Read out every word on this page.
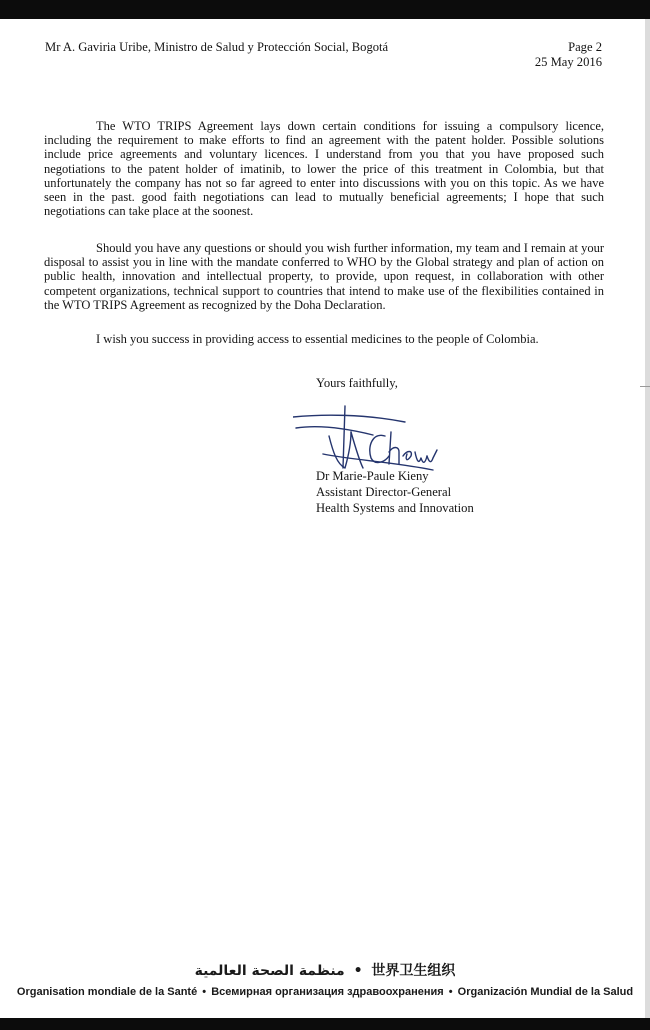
Mr A. Gaviria Uribe, Ministro de Salud y Protección Social, Bogotá	Page 2
25 May 2016
The WTO TRIPS Agreement lays down certain conditions for issuing a compulsory licence, including the requirement to make efforts to find an agreement with the patent holder. Possible solutions include price agreements and voluntary licences. I understand from you that you have proposed such negotiations to the patent holder of imatinib, to lower the price of this treatment in Colombia, but that unfortunately the company has not so far agreed to enter into discussions with you on this topic. As we have seen in the past. good faith negotiations can lead to mutually beneficial agreements; I hope that such negotiations can take place at the soonest.
Should you have any questions or should you wish further information, my team and I remain at your disposal to assist you in line with the mandate conferred to WHO by the Global strategy and plan of action on public health, innovation and intellectual property, to provide, upon request, in collaboration with other competent organizations, technical support to countries that intend to make use of the flexibilities contained in the WTO TRIPS Agreement as recognized by the Doha Declaration.
I wish you success in providing access to essential medicines to the people of Colombia.
Yours faithfully,
Dr Marie-Paule Kieny
Assistant Director-General
Health Systems and Innovation
منظمة الصحة العالمية • 世界卫生组织
Organisation mondiale de la Santé • Всемирная организация здравоохранения • Organización Mundial de la Salud
